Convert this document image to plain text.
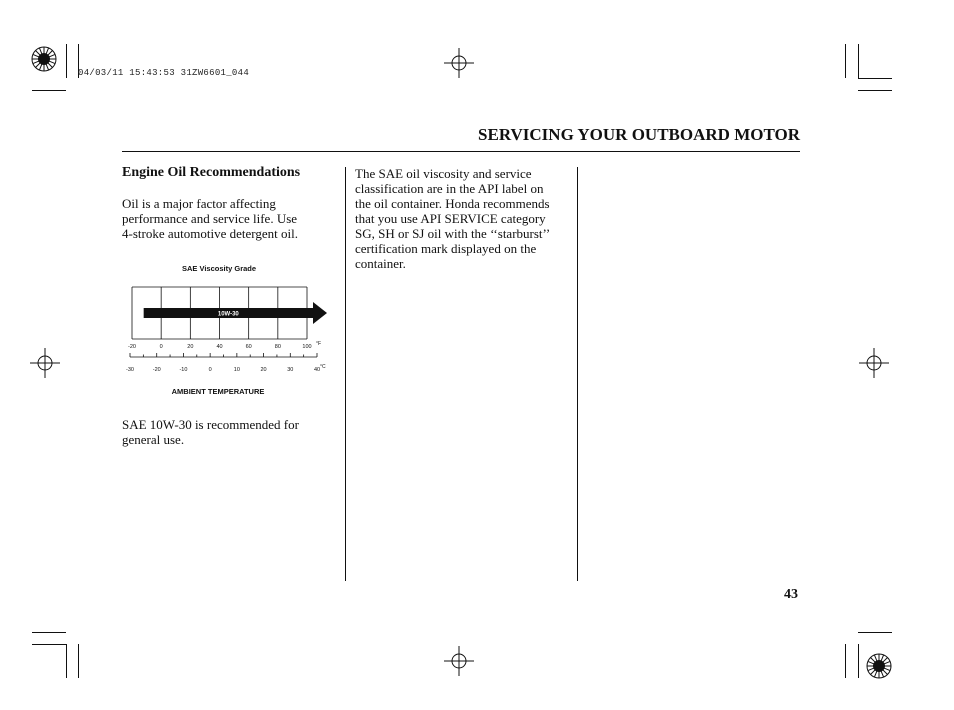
04/03/11 15:43:53 31ZW6601_044
SERVICING YOUR OUTBOARD MOTOR
Engine Oil Recommendations
Oil is a major factor affecting
performance and service life. Use
4-stroke automotive detergent oil.
SAE Viscosity Grade
10W-30
-20	0	20	40	60	80	100 °F
-30	-20	-10	0	10	20	30	40 °C
AMBIENT TEMPERATURE
SAE 10W-30 is recommended for
general use.
The SAE oil viscosity and service
classification are in the API label on
the oil container. Honda recommends
that you use API SERVICE category
SG, SH or SJ oil with the ‘‘starburst’’
certification mark displayed on the
container.
43
